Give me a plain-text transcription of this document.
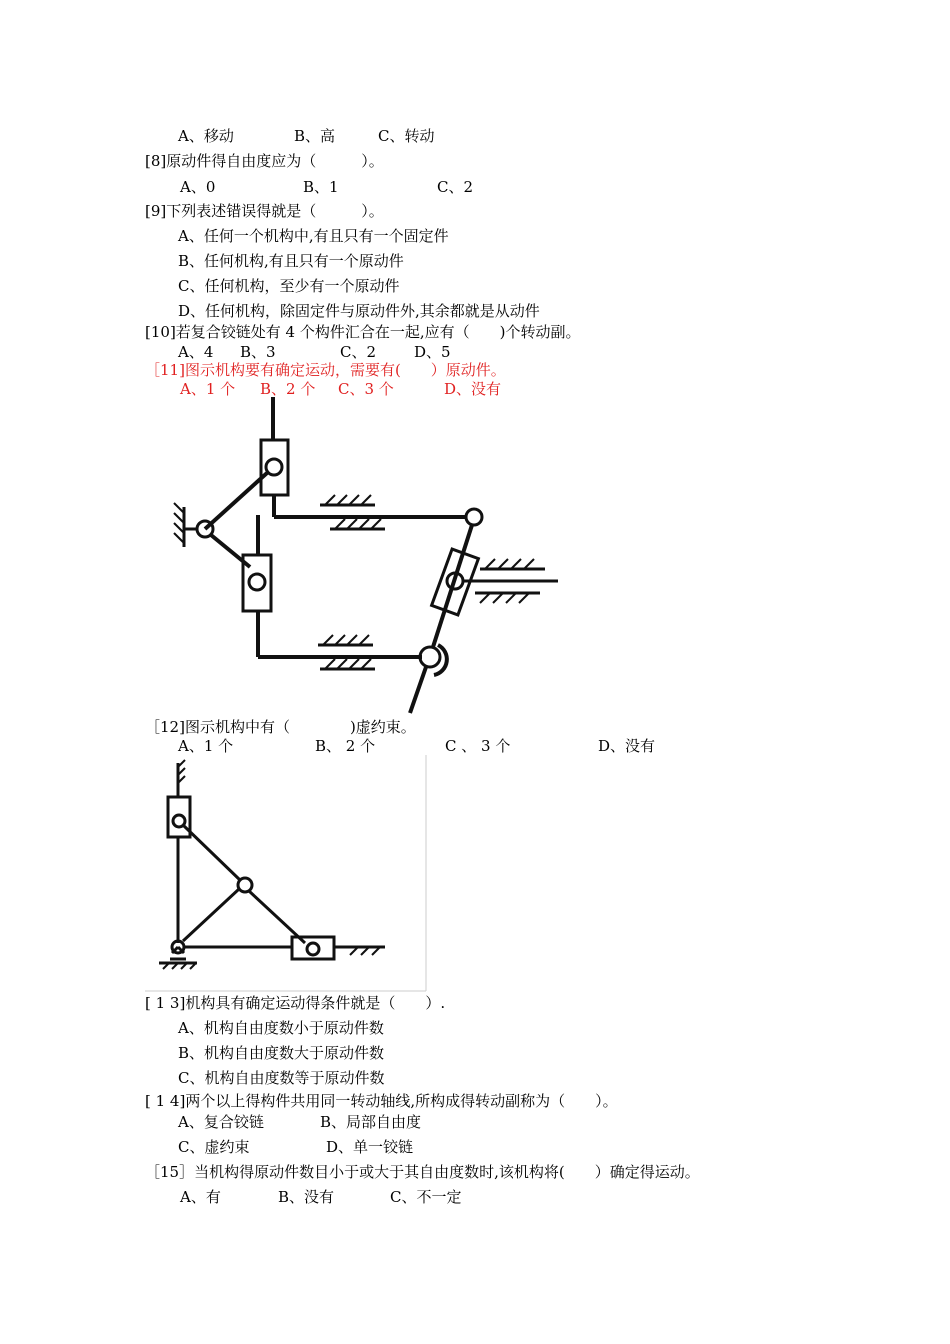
A、移动	B、高	C、转动
[8]原动件得自由度应为（　　　）。
A、0	B、1	C、2
[9]下列表述错误得就是（　　　）。
A、任何一个机构中,有且只有一个固定件
B、任何机构,有且只有一个原动件
C、任何机构，至少有一个原动件
D、任何机构，除固定件与原动件外,其余都就是从动件
[10]若复合铰链处有 4 个构件汇合在一起,应有（　　)个转动副。
A、4 B、3	C、2	D、5
［11]图示机构要有确定运动，需要有(　　）原动件。
A、1 个 B、2 个 C、3 个	D、没有
［12]图示机构中有（　　　　)虚约束。
A、1 个	B、 2 个	C 、 3 个	D、没有
[ 1 3]机构具有确定运动得条件就是（　　）.
A、机构自由度数小于原动件数
B、机构自由度数大于原动件数
C、机构自由度数等于原动件数
[ 1 4]两个以上得构件共用同一转动轴线,所构成得转动副称为（　　）。
A、复合铰链	B、局部自由度
C、虚约束	D、单一铰链
［15］当机构得原动件数目小于或大于其自由度数时,该机构将(　　）确定得运动。
A、有	B、没有	C、不一定
